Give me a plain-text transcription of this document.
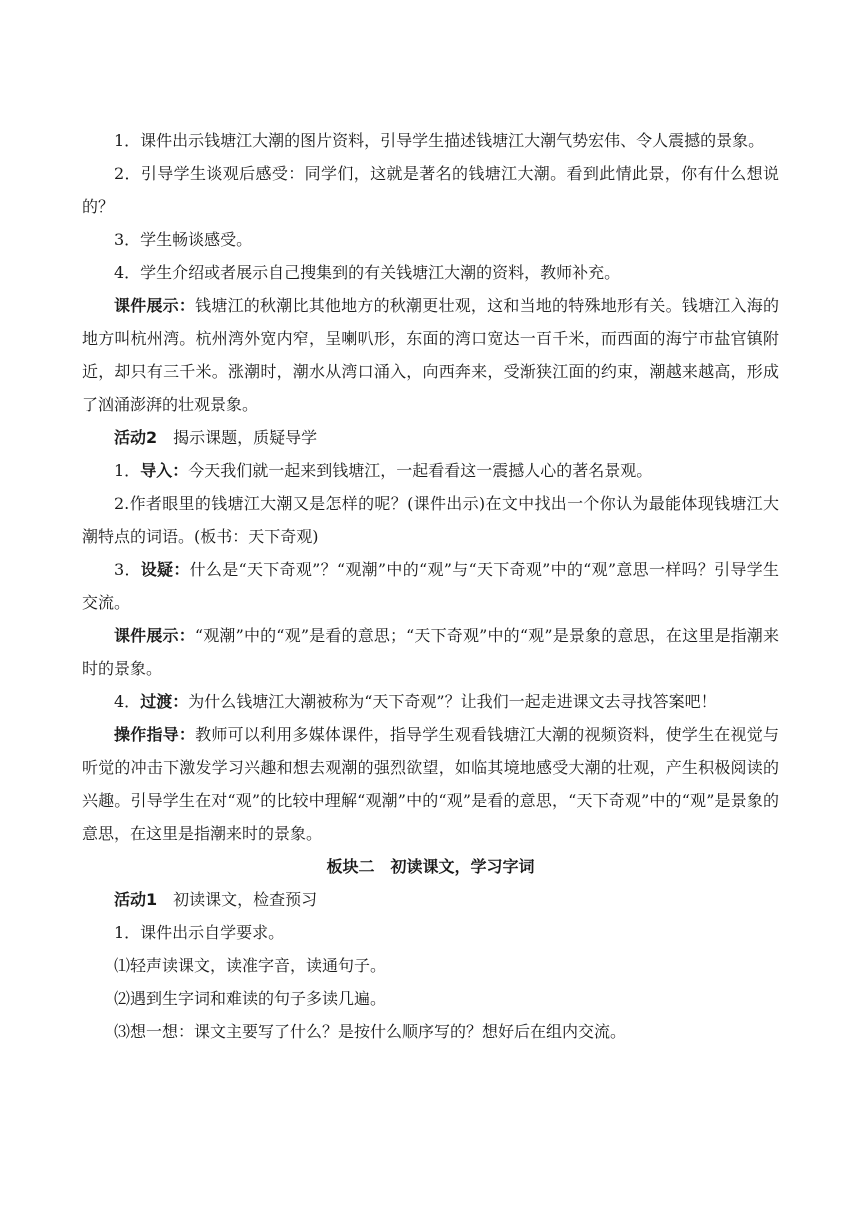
1．课件出示钱塘江大潮的图片资料，引导学生描述钱塘江大潮气势宏伟、令人震撼的景象。

2．引导学生谈观后感受：同学们，这就是著名的钱塘江大潮。看到此情此景，你有什么想说的？

3．学生畅谈感受。

4．学生介绍或者展示自己搜集到的有关钱塘江大潮的资料，教师补充。

课件展示：钱塘江的秋潮比其他地方的秋潮更壮观，这和当地的特殊地形有关。钱塘江入海的地方叫杭州湾。杭州湾外宽内窄，呈喇叭形，东面的湾口宽达一百千米，而西面的海宁市盐官镇附近，却只有三千米。涨潮时，潮水从湾口涌入，向西奔来，受渐狭江面的约束，潮越来越高，形成了汹涌澎湃的壮观景象。

活动2　揭示课题，质疑导学

1．导入：今天我们就一起来到钱塘江，一起看看这一震撼人心的著名景观。

2.作者眼里的钱塘江大潮又是怎样的呢？(课件出示)在文中找出一个你认为最能体现钱塘江大潮特点的词语。(板书：天下奇观)

3．设疑：什么是“天下奇观”？“观潮”中的“观”与“天下奇观”中的“观”意思一样吗？引导学生交流。

课件展示：“观潮”中的“观”是看的意思；“天下奇观”中的“观”是景象的意思，在这里是指潮来时的景象。

4．过渡：为什么钱塘江大潮被称为“天下奇观”？让我们一起走进课文去寻找答案吧！

操作指导：教师可以利用多媒体课件，指导学生观看钱塘江大潮的视频资料，使学生在视觉与听觉的冲击下激发学习兴趣和想去观潮的强烈欲望，如临其境地感受大潮的壮观，产生积极阅读的兴趣。引导学生在对“观”的比较中理解“观潮”中的“观”是看的意思，“天下奇观”中的“观”是景象的意思，在这里是指潮来时的景象。

板块二　初读课文，学习字词

活动1　初读课文，检查预习

1．课件出示自学要求。

⑴轻声读课文，读准字音，读通句子。

⑵遇到生字词和难读的句子多读几遍。

⑶想一想：课文主要写了什么？是按什么顺序写的？想好后在组内交流。
